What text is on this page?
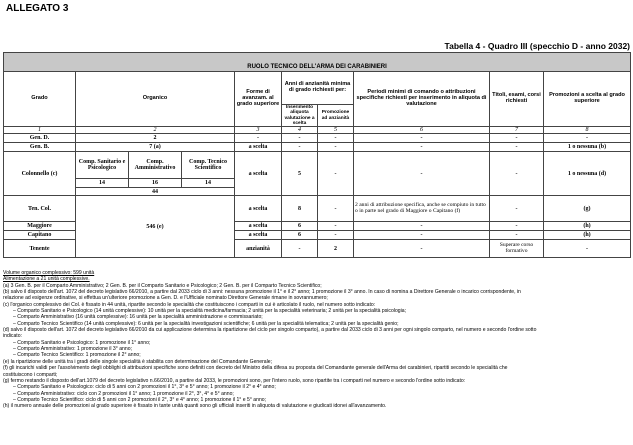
ALLEGATO 3
Tabella 4 - Quadro III (specchio D - anno 2032)

RUOLO TECNICO DELL'ARMA DEI CARABINIERI									
Grado	Organico			Forme di avanzam. al grado superiore	Anni di anzianità minima di grado richiesti per:		Periodi minimi di comando o attribuzioni specifiche richiesti per inserimento in aliquota di valutazione	Titoli, esami, corsi richiesti	Promozioni a scelta al grado superiore
					Inserimento aliquota valutazione a scelta	Promozione ad anzianità			
1	2			3	4	5	6	7	8
Gen. D.	2			-	-	-	-	-	-
Gen. B.	7 (a)			a scelta	-	-	-	-	1 o nessuna (b)
Colonnello (c)	Comp. Sanitario e Psicologico	Comp. Amministrativo	Comp. Tecnico Scientifico	a scelta	5	-	-	-	1 o nessuna (d)
	14	16	14						
	44								
Ten. Col.	546 (e)			a scelta	8	-	2 anni di attribuzione specifica, anche se compiuto in tutto o in parte nel grado di Maggiore o Capitano (f)	-	(g)
Maggiore				a scelta	6	-	-	-	(h)
Capitano				a scelta	6	-	-	-	(h)
Tenente				anzianità	-	2	-	Superare corso formativo	-
Volume organico complessivo: 599 unità
Alimentazione a 21 unità complessive.
(a) 3 Gen. B. per il Comparto Amministrativo; 2 Gen. B. per il Comparto Sanitario e Psicologico; 2 Gen. B. per il Comparto Tecnico Scientifico;
(b) salvo il disposto dell'art. 1072 del decreto legislativo 66/2010, a partire dal 2033 ciclo di 3 anni: nessuna promozione il 1° e il 2° anno; 1 promozione il 3° anno. In caso di nomina a Direttore Generale o incarico corrispondente, in
relazione ad esigenze ordinative, si effettua un'ulteriore promozione a Gen. D. e l'Ufficiale nominato Direttore Generale rimane in sovrannumero;
(c) l'organico complessivo dei Col. è fissato in 44 unità, ripartite secondo le specialità che costituiscono i comparti in cui è articolato il ruolo, nel numero sotto indicato:
– Comparto Sanitario e Psicologico (14 unità complessive): 10 unità per la specialità medicina/farmacia; 2 unità per la specialità veterinaria; 2 unità per la specialità psicologia;
– Comparto Amministrativo (16 unità complessive): 16 unità per la specialità amministrazione e commissariato;
– Comparto Tecnico Scientifico (14 unità complessive): 6 unità per la specialità investigazioni scientifiche; 6 unità per la specialità telematica; 2 unità per la specialità genio;
(d) salvo il disposto dell'art. 1072 del decreto legislativo 66/2010 da cui applicazione determina la ripartizione del ciclo per singolo comparto), a partire dal 2033 ciclo di 3 anni per ogni singolo comparto, nel numero e secondo l'ordine sotto
indicato:
– Comparto Sanitario e Psicologico: 1 promozione il 1° anno;
– Comparto Amministrativo: 1 promozione il 3° anno;
– Comparto Tecnico Scientifico: 1 promozione il 2° anno;
(e) la ripartizione delle unità tra i gradi delle singole specialità è stabilita con determinazione del Comandante Generale;
(f) gli incarichi validi per l'assolvimento degli obblighi di attribuzioni specifiche sono definiti con decreto del Ministro della difesa su proposta del Comandante generale dell'Arma dei carabinieri, ripartiti secondo le specialità che
costituiscono i comparti;
(g) fermo restando il disposto dell'art.1079 del decreto legislativo n.66/2010, a partire dal 2033, le promozioni sono, per l'intero ruolo, sono ripartite tra i comparti nel numero e secondo l'ordine sotto indicato:
– Comparto Sanitario e Psicologico: ciclo di 5 anni con 2 promozioni il 1°, 3° e 5° anno; 1 promozione il 2° e 4° anno;
– Comparto Amministrativo: ciclo con 2 promozioni il 1° anno; 1 promozione il 2°, 3°, 4° e 5° anno;
– Comparto Tecnico Scientifico: ciclo di 5 anni con 2 promozioni il 2°, 3° e 4° anno; 1 promozione il 1° e 5° anno;
(h) il numero annuale delle promozioni al grado superiore è fissato in tante unità quanti sono gli ufficiali inseriti in aliquota di valutazione e giudicati idonei all'avanzamento.
